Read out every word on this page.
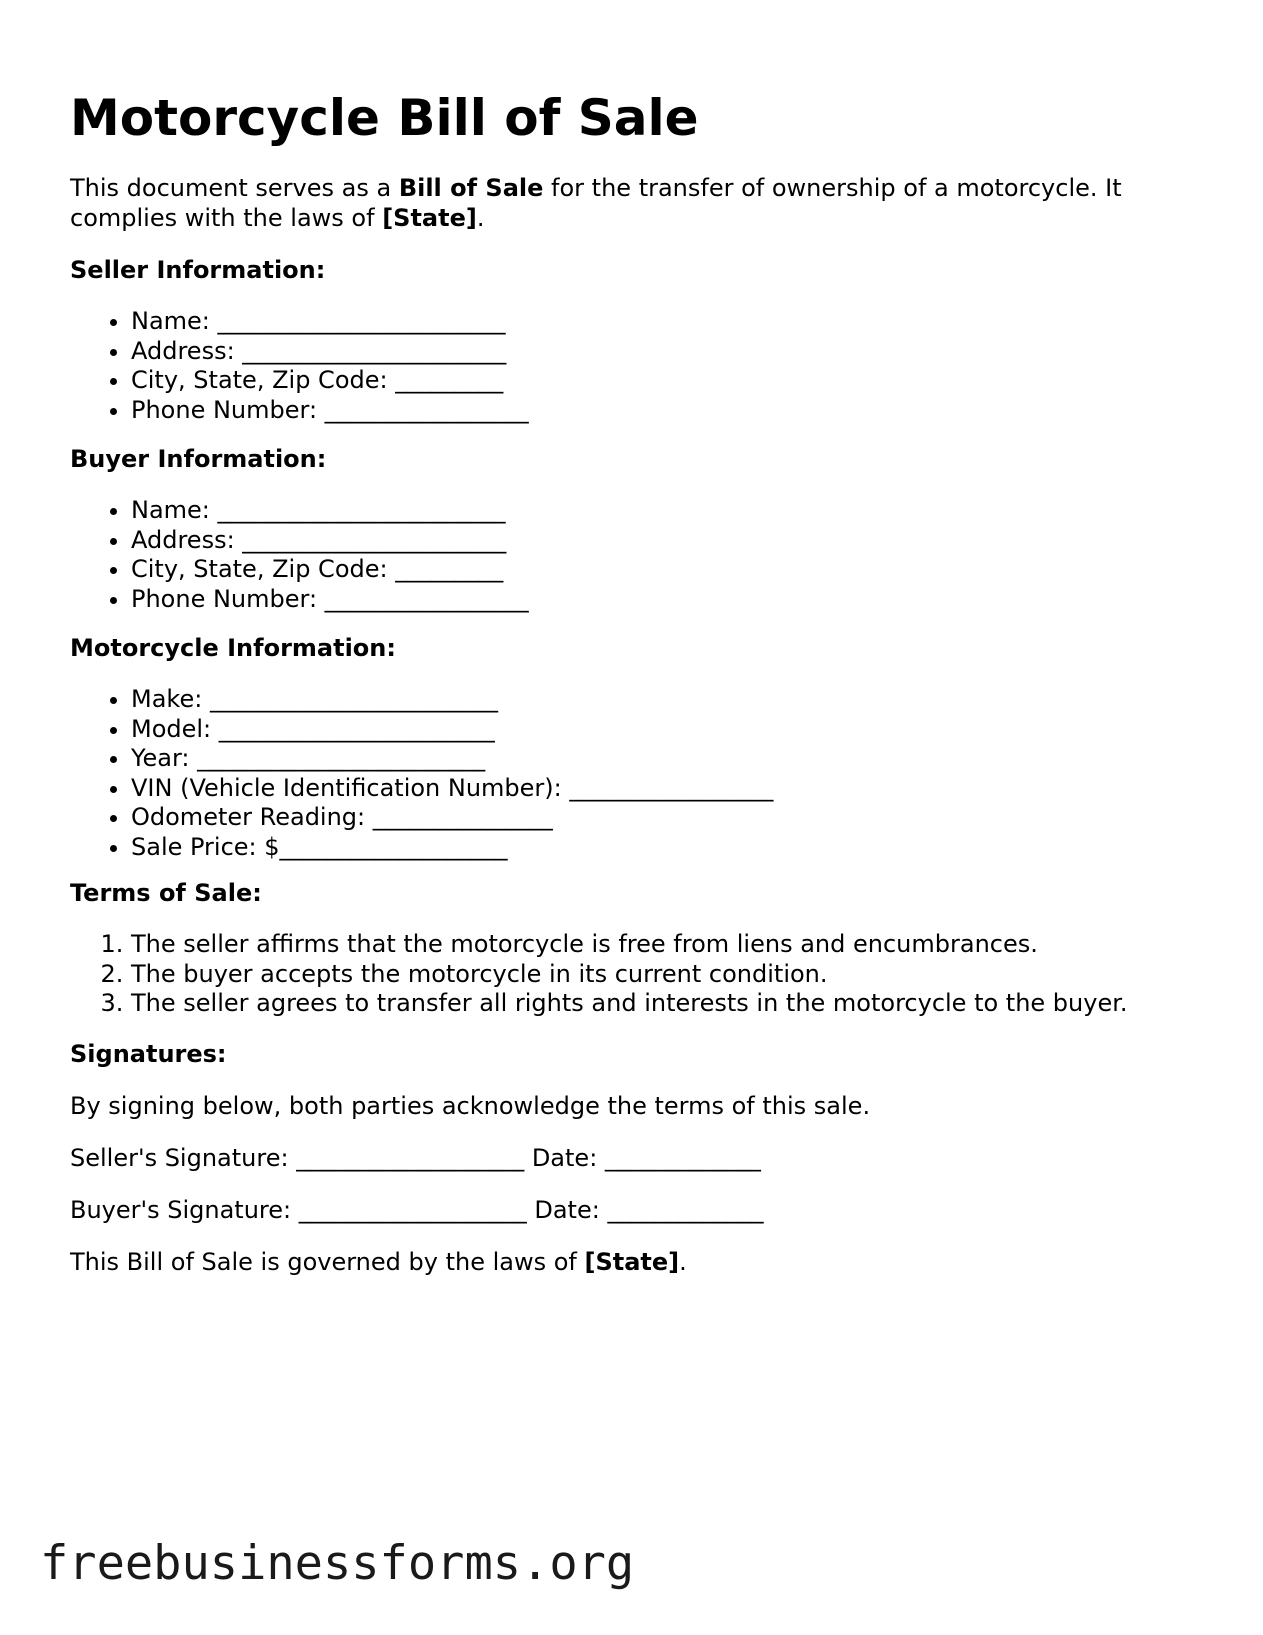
Motorcycle Bill of Sale

This document serves as a Bill of Sale for the transfer of ownership of a motorcycle. It complies with the laws of [State].

Seller Information:

• Name: ________________________
• Address: ______________________
• City, State, Zip Code: _________
• Phone Number: _________________

Buyer Information:

• Name: ________________________
• Address: ______________________
• City, State, Zip Code: _________
• Phone Number: _________________

Motorcycle Information:

• Make: ________________________
• Model: _______________________
• Year: ________________________
• VIN (Vehicle Identification Number): _________________
• Odometer Reading: _______________
• Sale Price: $___________________

Terms of Sale:

1. The seller affirms that the motorcycle is free from liens and encumbrances.
2. The buyer accepts the motorcycle in its current condition.
3. The seller agrees to transfer all rights and interests in the motorcycle to the buyer.

Signatures:

By signing below, both parties acknowledge the terms of this sale.

Seller's Signature: ___________________ Date: _____________

Buyer's Signature: ___________________ Date: _____________

This Bill of Sale is governed by the laws of [State].

freebusinessforms.org
